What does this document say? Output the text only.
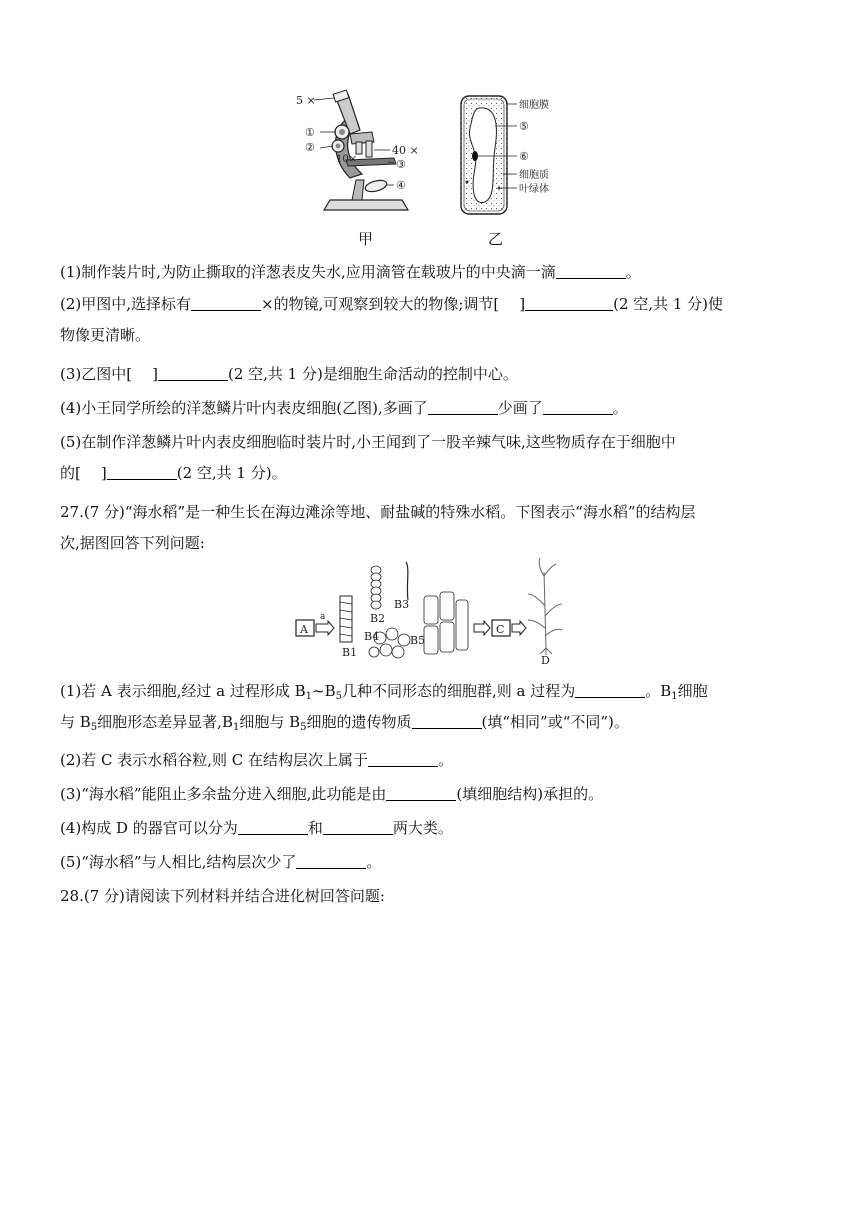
5 ×
①
②
10×
40 ×
③
④
细胞膜
⑤
⑥
细胞质
叶绿体
甲	乙
(1)制作装片时,为防止撕取的洋葱表皮失水,应用滴管在载玻片的中央滴一滴	。
(2)甲图中,选择标有	×的物镜,可观察到较大的物像;调节[ ]	(2 空,共 1 分)使
物像更清晰。
(3)乙图中[ ]	(2 空,共 1 分)是细胞生命活动的控制中心。
(4)小王同学所绘的洋葱鳞片叶内表皮细胞(乙图),多画了	少画了	。
(5)在制作洋葱鳞片叶内表皮细胞临时装片时,小王闻到了一股辛辣气味,这些物质存在于细胞中
的[ ]	(2 空,共 1 分)。
27.(7 分)“海水稻”是一种生长在海边滩涂等地、耐盐碱的特殊水稻。下图表示“海水稻”的结构层
次,据图回答下列问题:
A
a
B1
B2
B3
B4	B5
C
D
(1)若 A 表示细胞,经过 a 过程形成 $B_1\sim B_5$几种不同形态的细胞群,则 a 过程为	。$B_1$细胞
与 $B_5$细胞形态差异显著$,B_1$细胞与 $B_5$细胞的遗传物质	(填“相同”或“不同”)。
(2)若 C 表示水稻谷粒,则 C 在结构层次上属于	。
(3)“海水稻”能阻止多余盐分进入细胞,此功能是由	(填细胞结构)承担的。
(4)构成 D 的器官可以分为	和	两大类。
(5)“海水稻”与人相比,结构层次少了	。
28.(7 分)请阅读下列材料并结合进化树回答问题:
